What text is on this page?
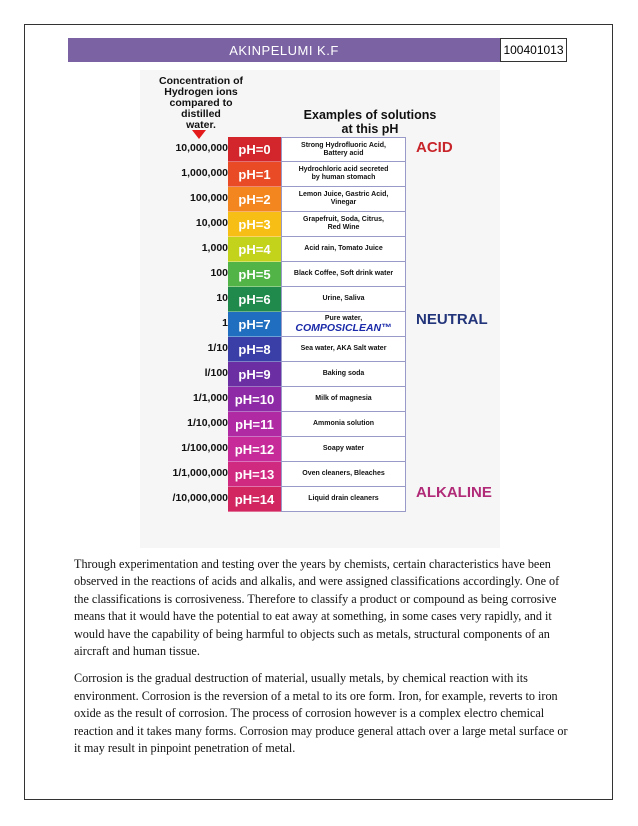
AKINPELUMI K.F	100401013
Concentration of
Hydrogen ions
compared to
distilled
water.
Examples of solutions
at this pH
10,000,000 pH=0	Strong Hydrofluoric Acid,
Battery acid
1,000,000 pH=1	Hydrochloric acid secreted
by human stomach
100,000 pH=2	Lemon Juice, Gastric Acid,
Vinegar
10,000 pH=3	Grapefruit, Soda, Citrus,
Red Wine
1,000 pH=4	Acid rain, Tomato Juice
100 pH=5	Black Coffee, Soft drink water
10 pH=6	Urine, Saliva
1 pH=7	Pure water,
COMPOSICLEAN™
1/10 pH=8	Sea water, AKA Salt water
l/100 pH=9	Baking soda
1/1,000 pH=10	Milk of magnesia
1/10,000 pH=11	Ammonia solution
1/100,000 pH=12	Soapy water
1/1,000,000 pH=13	Oven cleaners, Bleaches
/10,000,000 pH=14	Liquid drain cleaners
ACID
NEUTRAL
ALKALINE

Through experimentation and testing over the years by chemists, certain characteristics have been observed in the reactions of acids and alkalis, and were assigned classifications accordingly. One of the classifications is corrosiveness. Therefore to classify a product or compound as being corrosive means that it would have the potential to eat away at something, in some cases very rapidly, and it would have the capability of being harmful to objects such as metals, structural components of an aircraft and human tissue.

Corrosion is the gradual destruction of material, usually metals, by chemical reaction with its environment. Corrosion is the reversion of a metal to its ore form. Iron, for example, reverts to iron oxide as the result of corrosion. The process of corrosion however is a complex electro chemical reaction and it takes many forms. Corrosion may produce general attach over a large metal surface or it may result in pinpoint penetration of metal.
